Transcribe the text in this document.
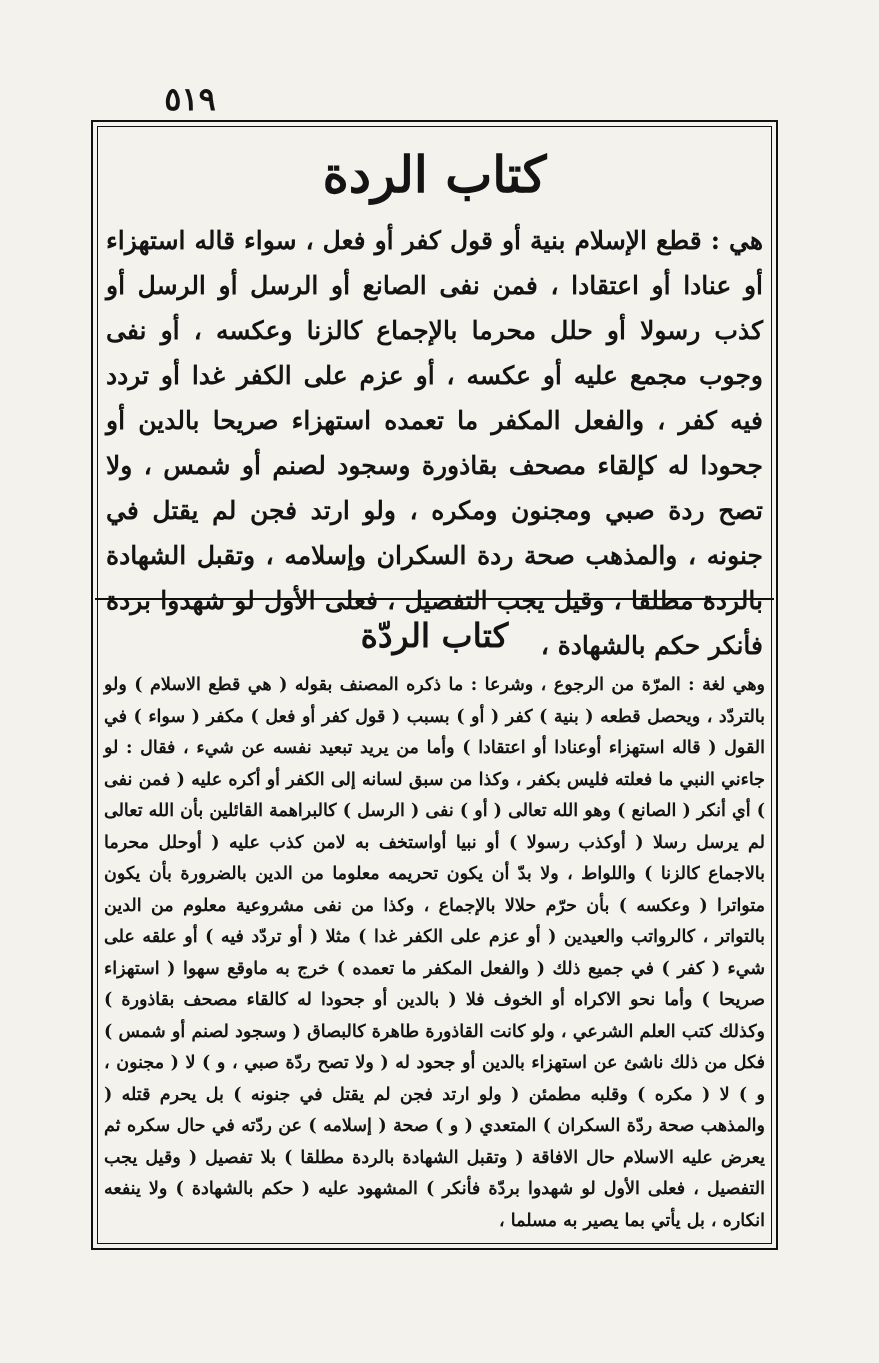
٥١٩
كتاب الردة
هي : قطع الإسلام بنية أو قول كفر أو فعل ، سواء قاله استهزاء أو عنادا أو اعتقادا ، فمن نفى الصانع أو الرسل أو الرسل أو كذب رسولا أو حلل محرما بالإجماع كالزنا وعكسه ، أو نفى وجوب مجمع عليه أو عكسه ، أو عزم على الكفر غدا أو تردد فيه كفر ، والفعل المكفر ما تعمده استهزاء صريحا بالدين أو جحودا له كإلقاء مصحف بقاذورة وسجود لصنم أو شمس ، ولا تصح ردة صبي ومجنون ومكره ، ولو ارتد فجن لم يقتل في جنونه ، والمذهب صحة ردة السكران وإسلامه ، وتقبل الشهادة بالردة مطلقا ، وقيل يجب التفصيل ، فعلى الأول لو شهدوا بردة فأنكر حكم بالشهادة ،
كتاب الردّة
وهي لغة : المرّة من الرجوع ، وشرعا : ما ذكره المصنف بقوله ( هي قطع الاسلام ) ولو بالتردّد ، ويحصل قطعه ( بنية ) كفر ( أو ) بسبب ( قول كفر أو فعل ) مكفر ( سواء ) في القول ( قاله استهزاء أوعنادا أو اعتقادا ) وأما من يريد تبعيد نفسه عن شيء ، فقال : لو جاءني النبي ما فعلته فليس بكفر ، وكذا من سبق لسانه إلى الكفر أو أكره عليه ( فمن نفى ) أي أنكر ( الصانع ) وهو الله تعالى ( أو ) نفى ( الرسل ) كالبراهمة القائلين بأن الله تعالى لم يرسل رسلا ( أوكذب رسولا ) أو نبيا أواستخف به لامن كذب عليه ( أوحلل محرما بالاجماع كالزنا ) واللواط ، ولا بدّ أن يكون تحريمه معلوما من الدين بالضرورة بأن يكون متواترا ( وعكسه ) بأن حرّم حلالا بالإجماع ، وكذا من نفى مشروعية معلوم من الدين بالتواتر ، كالرواتب والعيدين ( أو عزم على الكفر غدا ) مثلا ( أو تردّد فيه ) أو علقه على شيء ( كفر ) في جميع ذلك ( والفعل المكفر ما تعمده ) خرج به ماوقع سهوا ( استهزاء صريحا ) وأما نحو الاكراه أو الخوف فلا ( بالدين أو جحودا له كالقاء مصحف بقاذورة ) وكذلك كتب العلم الشرعي ، ولو كانت القاذورة طاهرة كالبصاق ( وسجود لصنم أو شمس ) فكل من ذلك ناشئ عن استهزاء بالدين أو جحود له ( ولا تصح ردّة صبي ، و ) لا ( مجنون ، و ) لا ( مكره ) وقلبه مطمئن ( ولو ارتد فجن لم يقتل في جنونه ) بل يحرم قتله ( والمذهب صحة ردّة السكران ) المتعدي ( و ) صحة ( إسلامه ) عن ردّته في حال سكره ثم يعرض عليه الاسلام حال الافاقة ( وتقبل الشهادة بالردة مطلقا ) بلا تفصيل ( وقيل يجب التفصيل ، فعلى الأول لو شهدوا بردّة فأنكر ) المشهود عليه ( حكم بالشهادة ) ولا ينفعه انكاره ، بل يأتي بما يصير به مسلما ،
